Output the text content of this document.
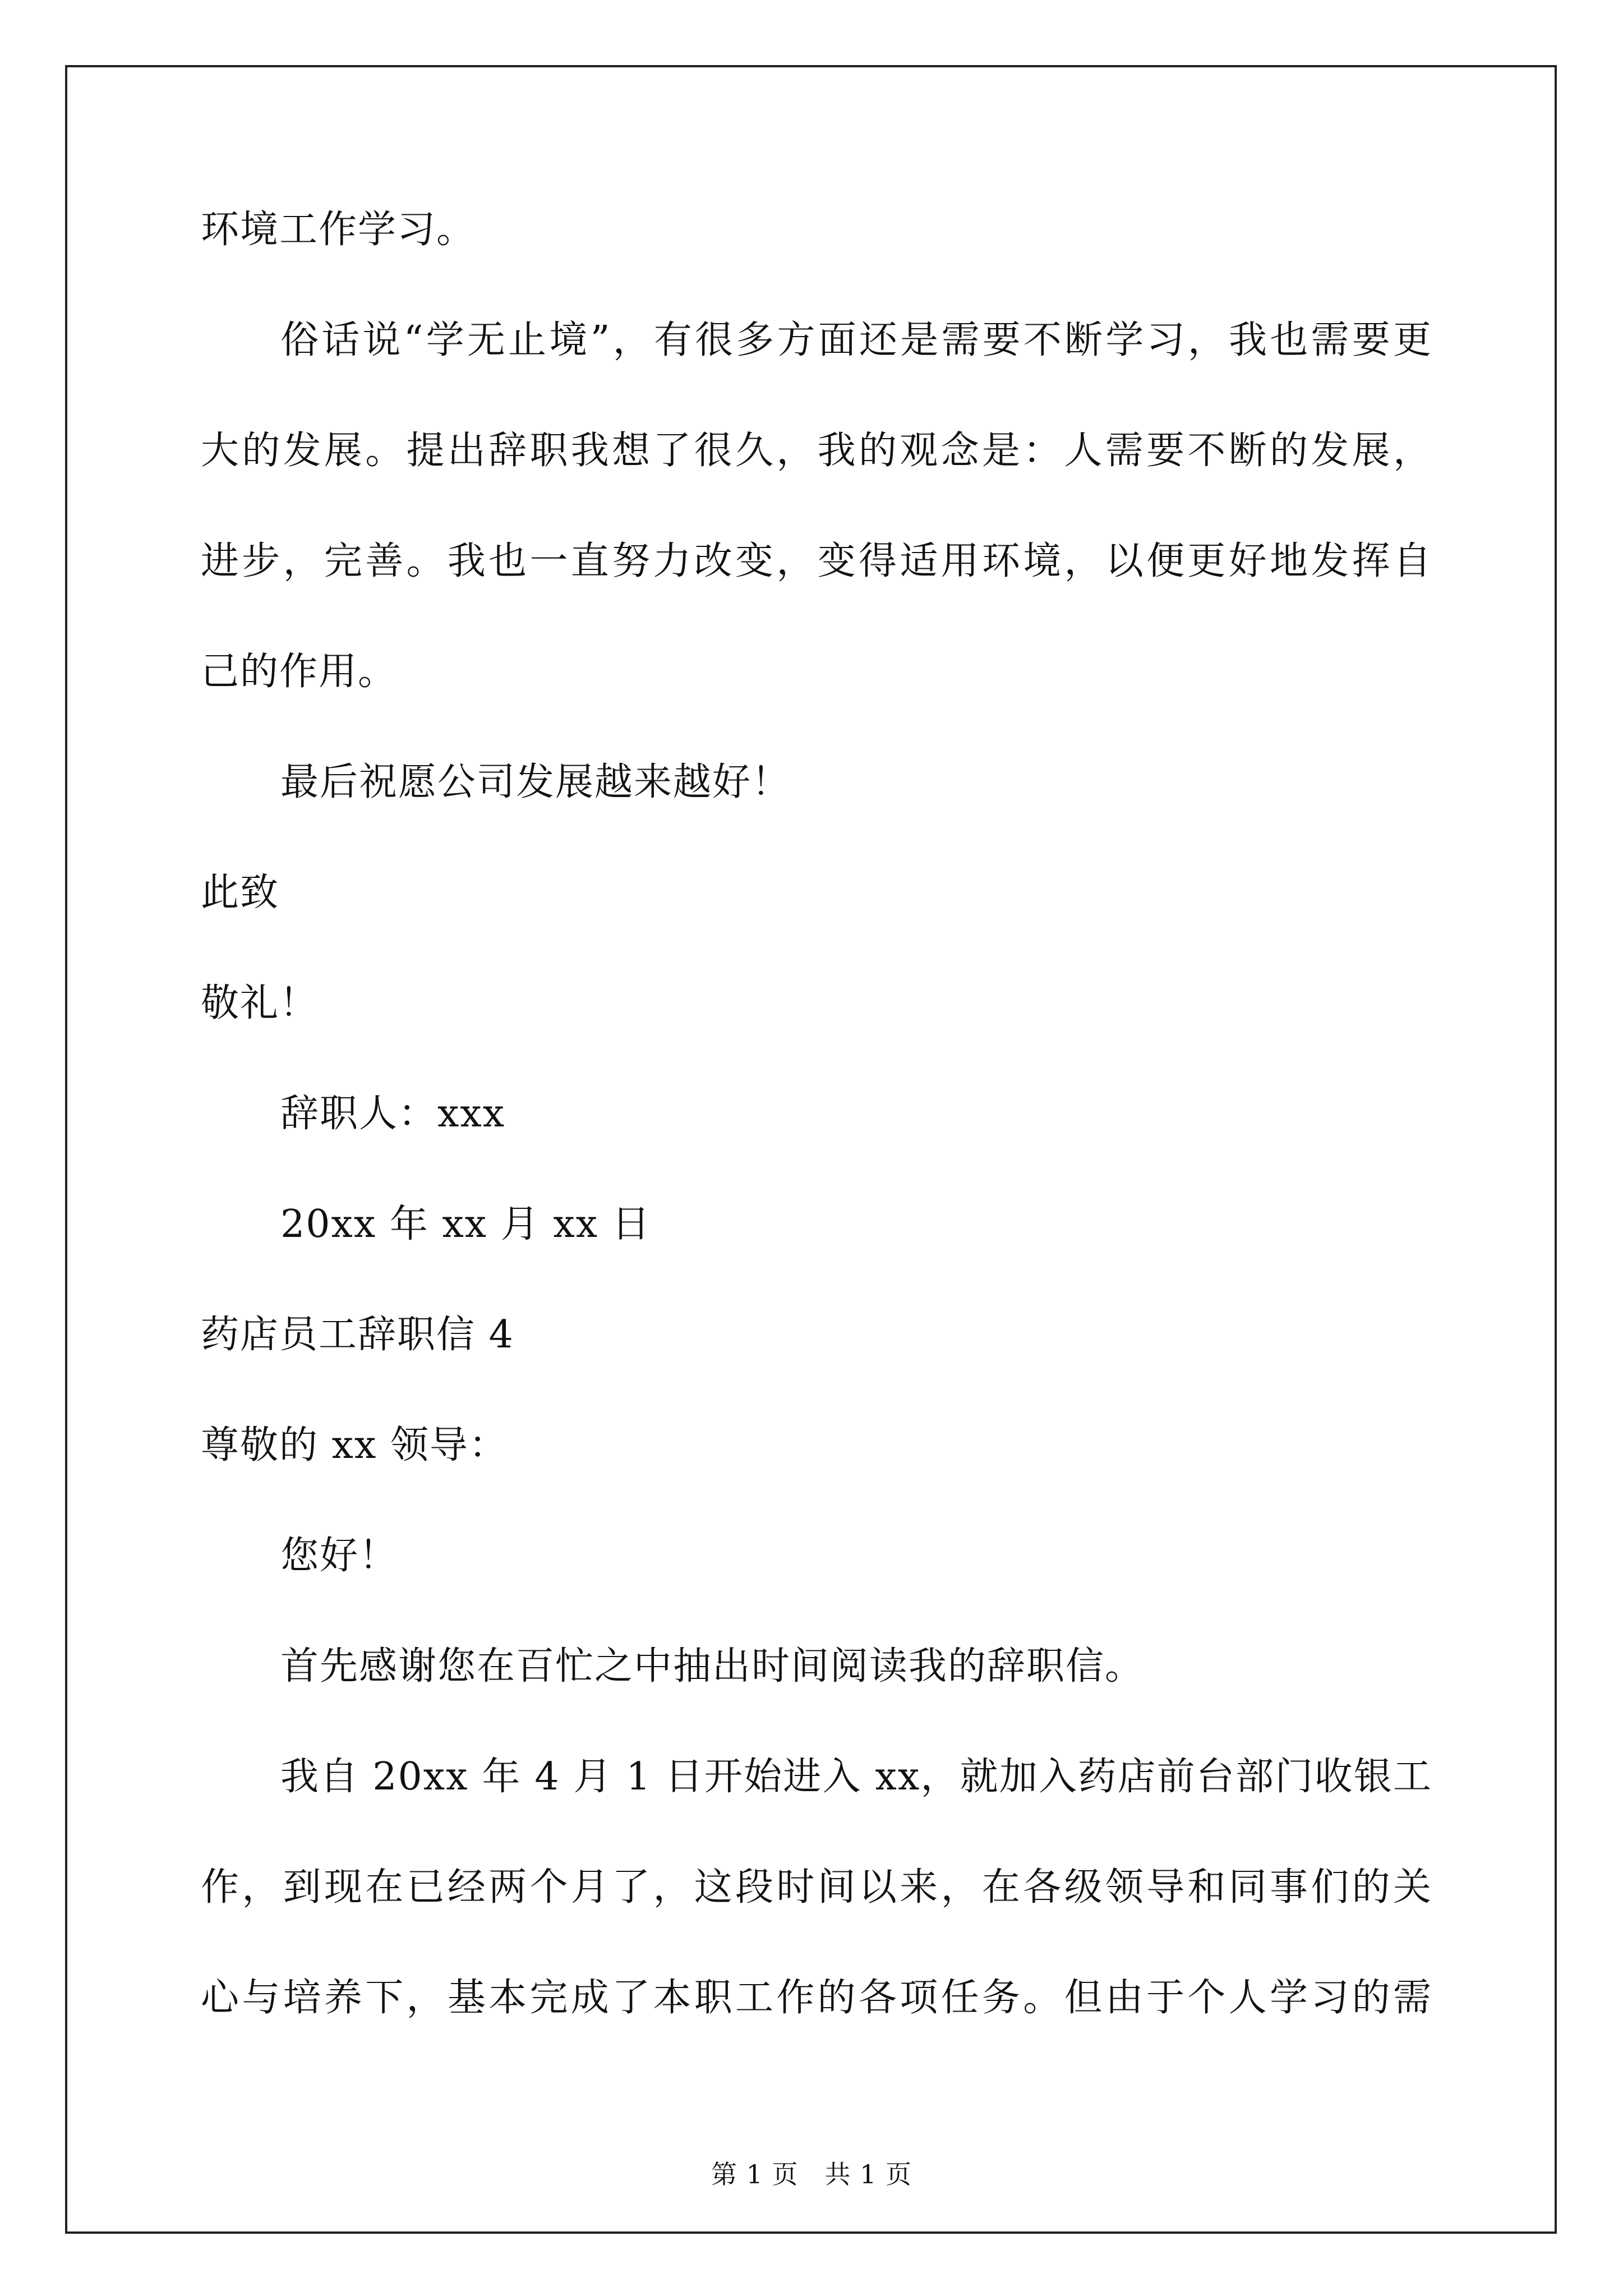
环境工作学习。
俗话说“学无止境”，有很多方面还是需要不断学习，我也需要更
大的发展。提出辞职我想了很久，我的观念是：人需要不断的发展，
进步，完善。我也一直努力改变，变得适用环境，以便更好地发挥自
己的作用。
最后祝愿公司发展越来越好！
此致
敬礼！
辞职人：xxx
20xx 年 xx 月 xx 日
药店员工辞职信 4
尊敬的 xx 领导：
您好！
首先感谢您在百忙之中抽出时间阅读我的辞职信。
我自 20xx 年 4 月 1 日开始进入 xx，就加入药店前台部门收银工
作，到现在已经两个月了，这段时间以来，在各级领导和同事们的关
心与培养下，基本完成了本职工作的各项任务。但由于个人学习的需
第 1 页　共 1 页
